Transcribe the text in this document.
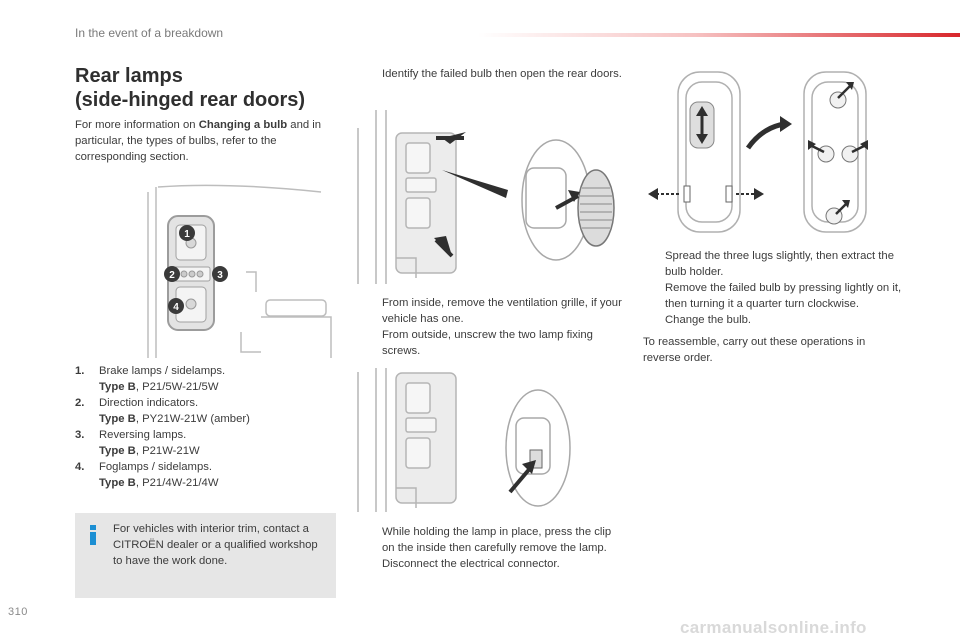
In the event of a breakdown
Rear lamps
(side-hinged rear doors)
For more information on Changing a bulb and in particular, the types of bulbs, refer to the corresponding section.
1
2	3
4
1. Brake lamps / sidelamps.
Type B, P21/5W-21/5W
2. Direction indicators.
Type B, PY21W-21W (amber)
3. Reversing lamps.
Type B, P21W-21W
4. Foglamps / sidelamps.
Type B, P21/4W-21/4W
For vehicles with interior trim, contact a CITROËN dealer or a qualified workshop to have the work done.
Identify the failed bulb then open the rear doors.
From inside, remove the ventilation grille, if your vehicle has one.
From outside, unscrew the two lamp fixing screws.
While holding the lamp in place, press the clip on the inside then carefully remove the lamp.
Disconnect the electrical connector.
Spread the three lugs slightly, then extract the bulb holder.
Remove the failed bulb by pressing lightly on it, then turning it a quarter turn clockwise.
Change the bulb.
To reassemble, carry out these operations in reverse order.
310
carmanualsonline.info
